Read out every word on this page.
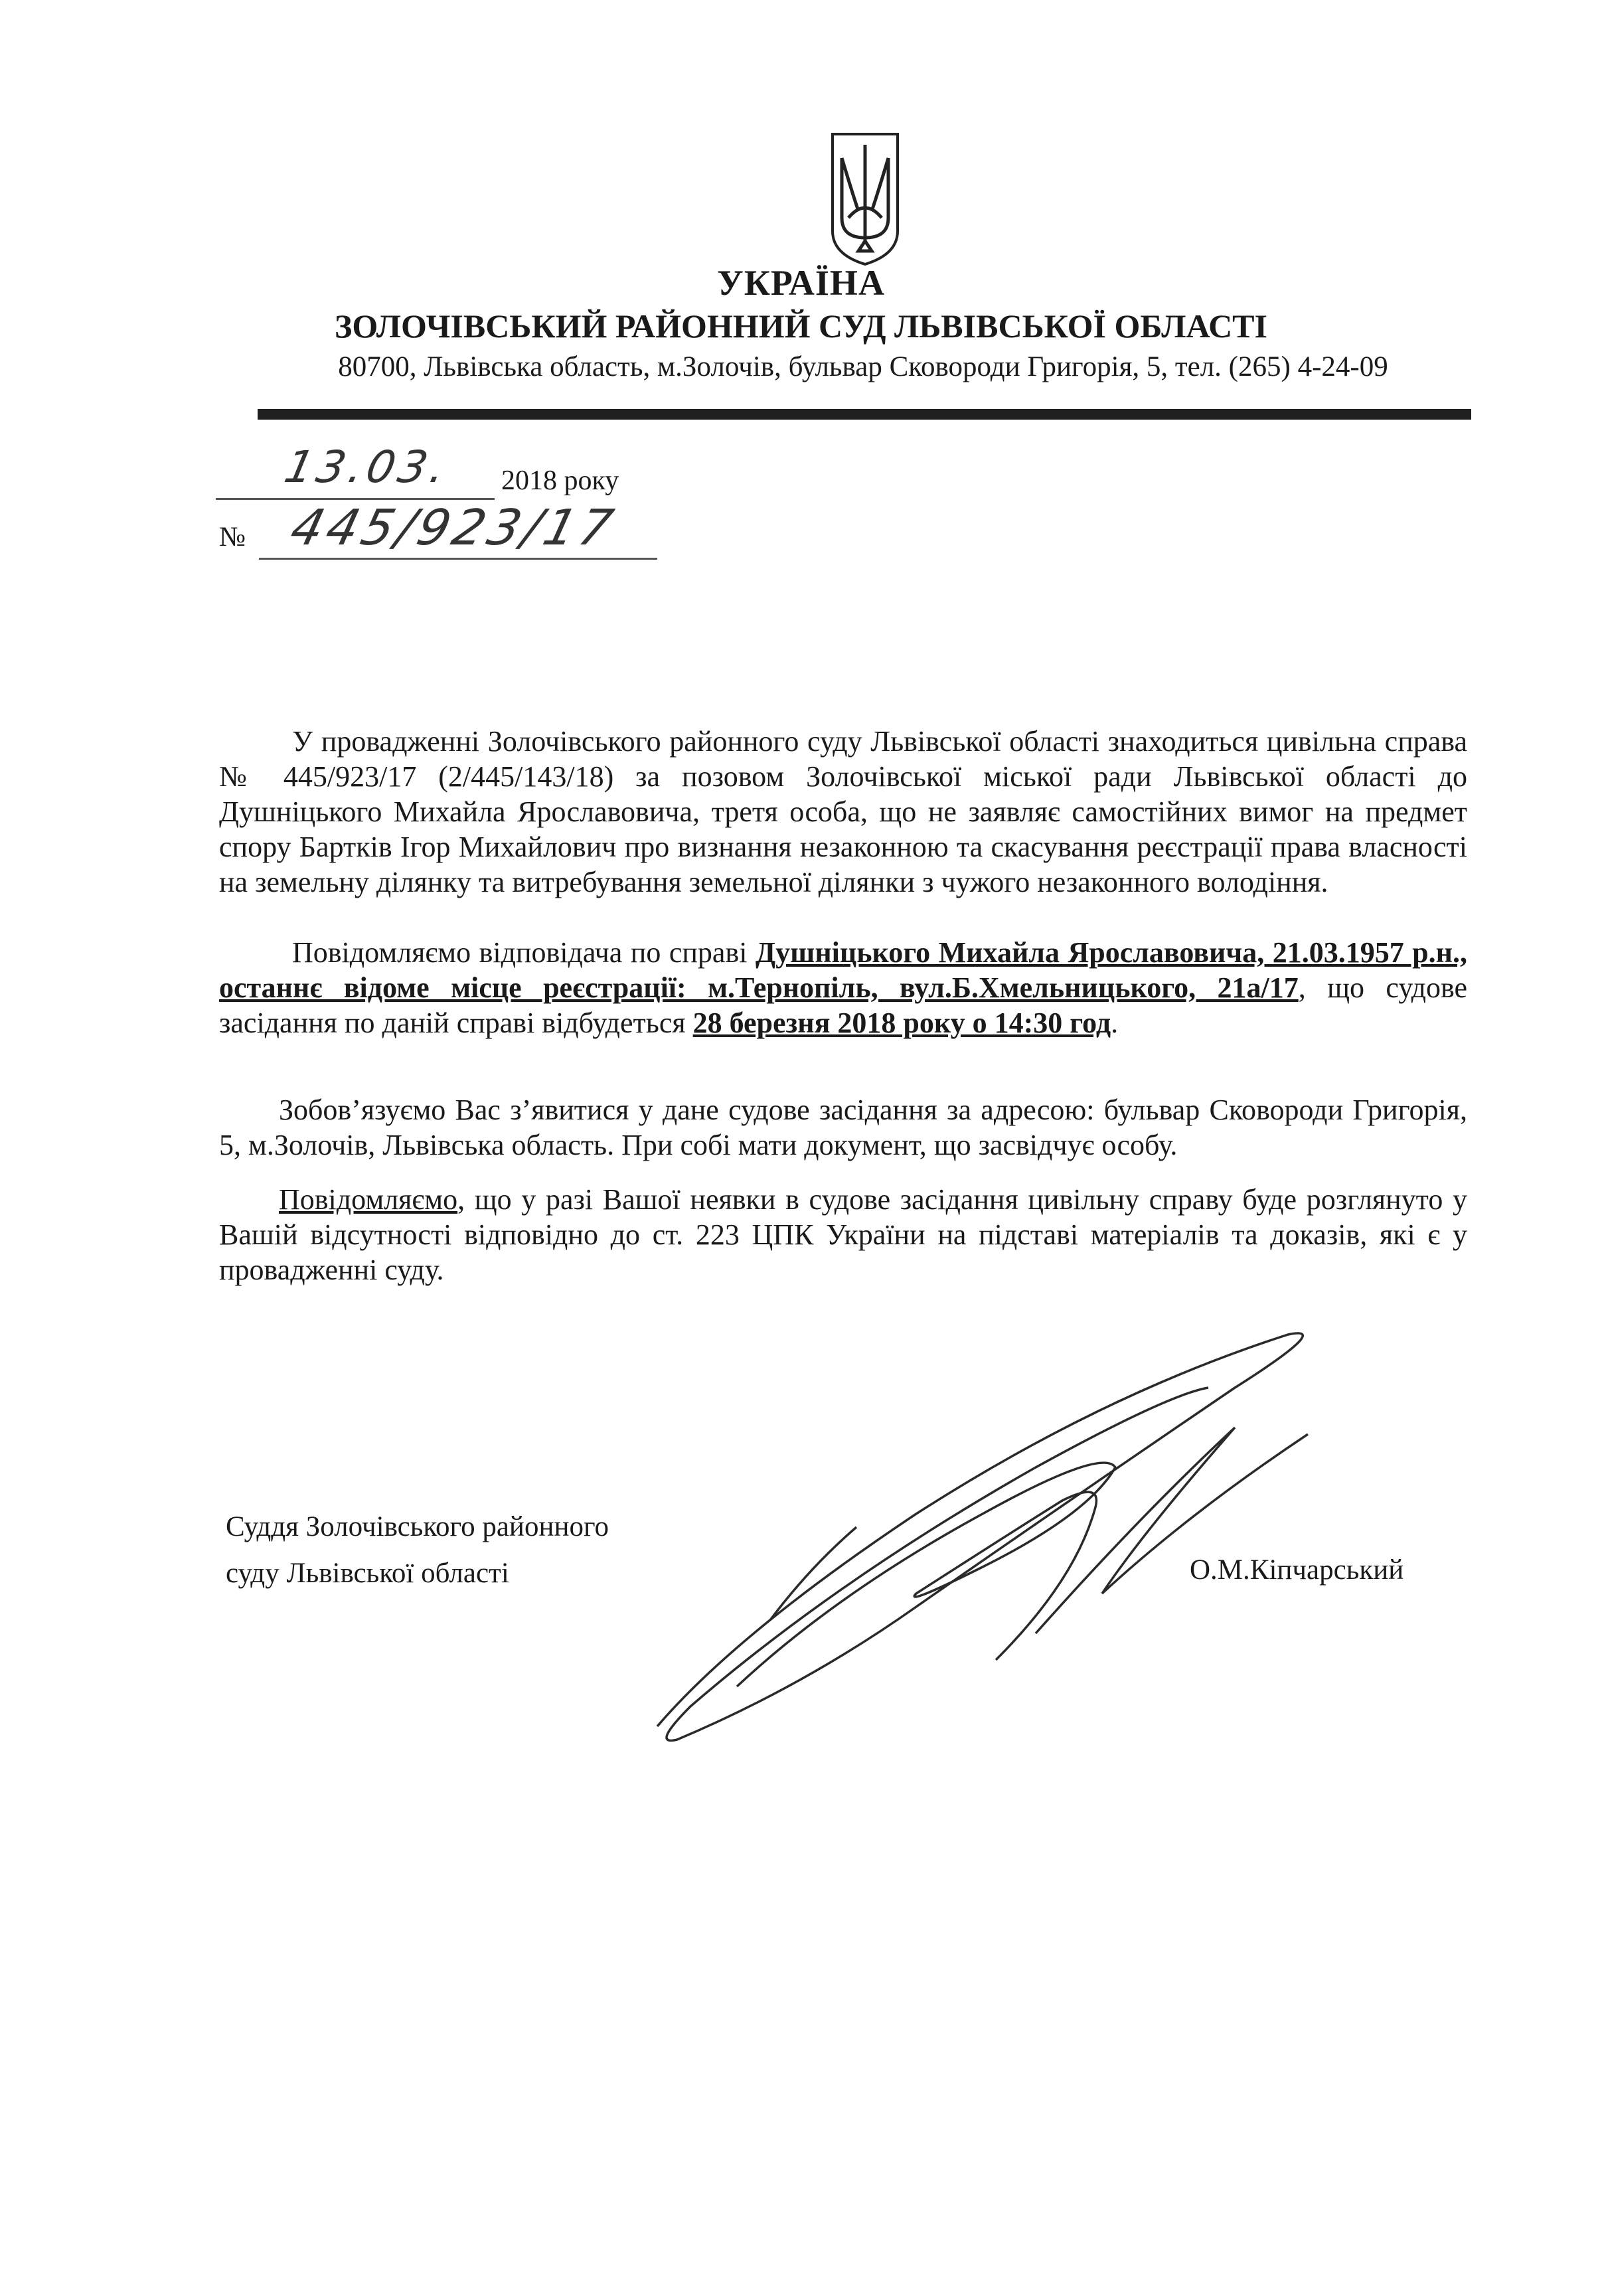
УКРАЇНА
ЗОЛОЧІВСЬКИЙ РАЙОННИЙ СУД ЛЬВІВСЬКОЇ ОБЛАСТІ
80700, Львівська область, м.Золочів, бульвар Сковороди Григорія, 5, тел. (265) 4-24-09
13.03. 2018 року
№ 445/923/17

У провадженні Золочівського районного суду Львівської області знаходиться цивільна справа № 445/923/17 (2/445/143/18) за позовом Золочівської міської ради Львівської області до Душніцького Михайла Ярославовича, третя особа, що не заявляє самостійних вимог на предмет спору Бартків Ігор Михайлович про визнання незаконною та скасування реєстрації права власності на земельну ділянку та витребування земельної ділянки з чужого незаконного володіння.

Повідомляємо відповідача по справі Душніцького Михайла Ярославовича, 21.03.1957 р.н., останнє відоме місце реєстрації: м.Тернопіль, вул.Б.Хмельницького, 21а/17, що судове засідання по даній справі відбудеться 28 березня 2018 року о 14:30 год.

Зобов’язуємо Вас з’явитися у дане судове засідання за адресою: бульвар Сковороди Григорія, 5, м.Золочів, Львівська область. При собі мати документ, що засвідчує особу.

Повідомляємо, що у разі Вашої неявки в судове засідання цивільну справу буде розглянуто у Вашій відсутності відповідно до ст. 223 ЦПК України на підставі матеріалів та доказів, які є у провадженні суду.

Суддя Золочівського районного
суду Львівської області	О.М.Кіпчарський
